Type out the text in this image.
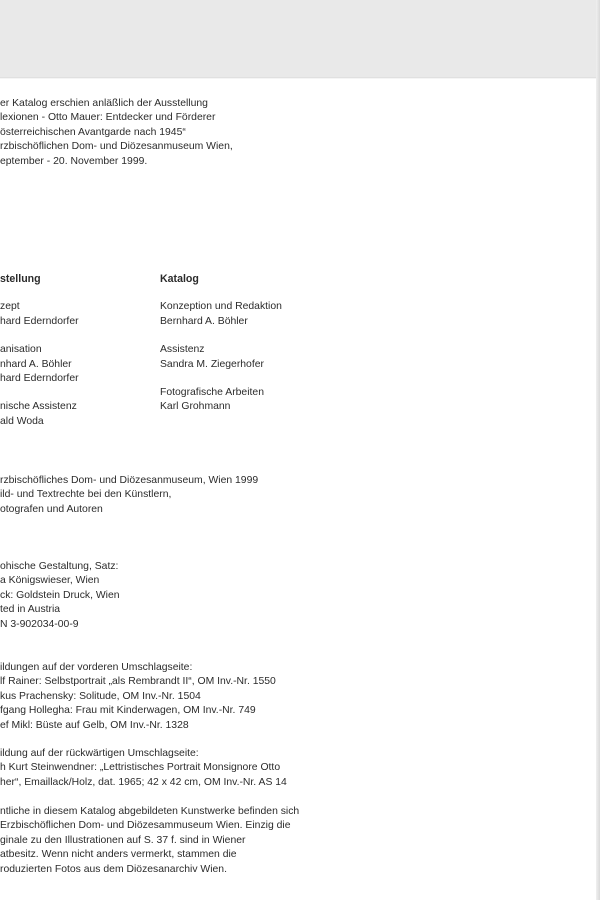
er Katalog erschien anläßlich der Ausstellung
lexionen - Otto Mauer: Entdecker und Förderer
österreichischen Avantgarde nach 1945“
rzbischöflichen Dom- und Diözesanmuseum Wien,
eptember - 20. November 1999.
stellung
zept
hard Ederndorfer
anisation
nhard A. Böhler
hard Ederndorfer
nische Assistenz
ald Woda
Katalog
Konzeption und Redaktion
Bernhard A. Böhler
Assistenz
Sandra M. Ziegerhofer
Fotografische Arbeiten
Karl Grohmann
rzbischöfliches Dom- und Diözesanmuseum, Wien 1999
ild- und Textrechte bei den Künstlern,
otografen und Autoren
ohische Gestaltung, Satz:
a Königswieser, Wien
ck: Goldstein Druck, Wien
ted in Austria
N 3-902034-00-9
ildungen auf der vorderen Umschlagseite:
lf Rainer: Selbstportrait „als Rembrandt II“, OM Inv.-Nr. 1550
kus Prachensky: Solitude, OM Inv.-Nr. 1504
fgang Hollegha: Frau mit Kinderwagen, OM Inv.-Nr. 749
ef Mikl: Büste auf Gelb, OM Inv.-Nr. 1328
ildung auf der rückwärtigen Umschlagseite:
h Kurt Steinwendner: „Lettristisches Portrait Monsignore Otto
her“, Emaillack/Holz, dat. 1965; 42 x 42 cm, OM Inv.-Nr. AS 14
ntliche in diesem Katalog abgebildeten Kunstwerke befinden sich
Erzbischöflichen Dom- und Diözesammuseum Wien. Einzig die
ginale zu den Illustrationen auf S. 37 f. sind in Wiener
atbesitz. Wenn nicht anders vermerkt, stammen die
roduzierten Fotos aus dem Diözesanarchiv Wien.
